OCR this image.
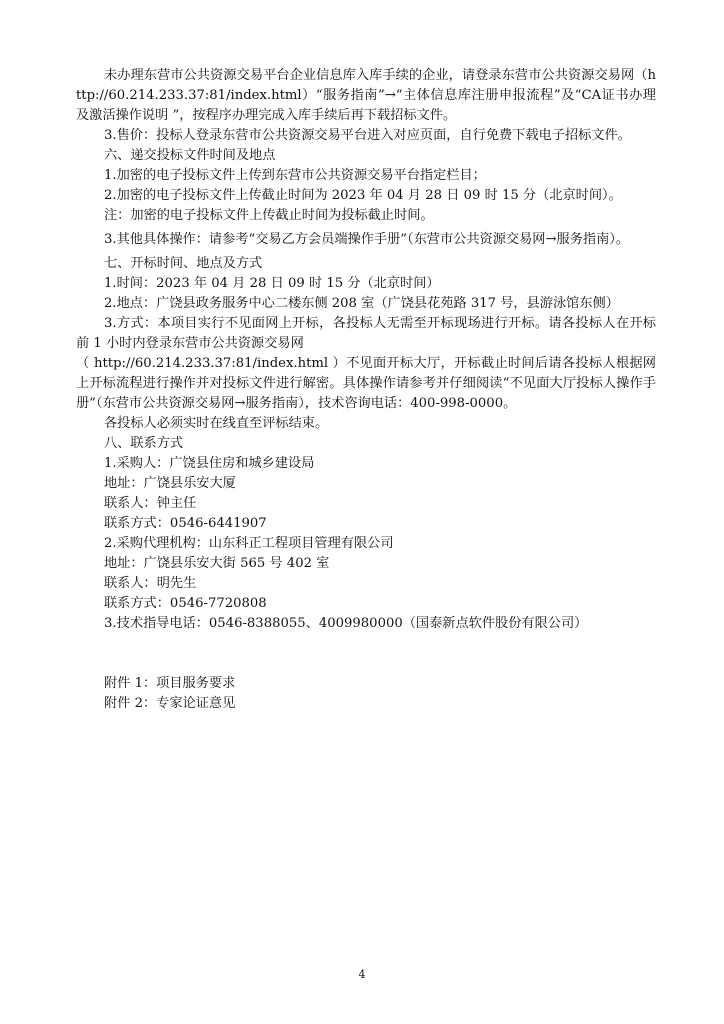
未办理东营市公共资源交易平台企业信息库入库手续的企业，请登录东营市公共资源交易网（http://60.214.233.37:81/index.html）“服务指南”→“主体信息库注册申报流程”及“CA证书办理及激活操作说明 ”，按程序办理完成入库手续后再下载招标文件。

3.售价：投标人登录东营市公共资源交易平台进入对应页面，自行免费下载电子招标文件。

六、递交投标文件时间及地点

1.加密的电子投标文件上传到东营市公共资源交易平台指定栏目；

2.加密的电子投标文件上传截止时间为 2023 年 04 月 28 日 09 时 15 分（北京时间）。

注：加密的电子投标文件上传截止时间为投标截止时间。

3.其他具体操作：请参考“交易乙方会员端操作手册”（东营市公共资源交易网→服务指南）。

七、开标时间、地点及方式

1.时间：2023 年 04 月 28 日 09 时 15 分（北京时间）

2.地点：广饶县政务服务中心二楼东侧 208 室（广饶县花苑路 317 号，县游泳馆东侧）

3.方式：本项目实行不见面网上开标，各投标人无需至开标现场进行开标。请各投标人在开标前 1 小时内登录东营市公共资源交易网

（ http://60.214.233.37:81/index.html ）不见面开标大厅，开标截止时间后请各投标人根据网上开标流程进行操作并对投标文件进行解密。具体操作请参考并仔细阅读“不见面大厅投标人操作手册”（东营市公共资源交易网→服务指南），技术咨询电话：400-998-0000。

各投标人必须实时在线直至评标结束。

八、联系方式

1.采购人：广饶县住房和城乡建设局

地址：广饶县乐安大厦

联系人：钟主任

联系方式：0546-6441907

2.采购代理机构：山东科正工程项目管理有限公司

地址：广饶县乐安大街 565 号 402 室

联系人：明先生

联系方式：0546-7720808

3.技术指导电话：0546-8388055、4009980000（国泰新点软件股份有限公司）

附件 1：项目服务要求

附件 2：专家论证意见

4
